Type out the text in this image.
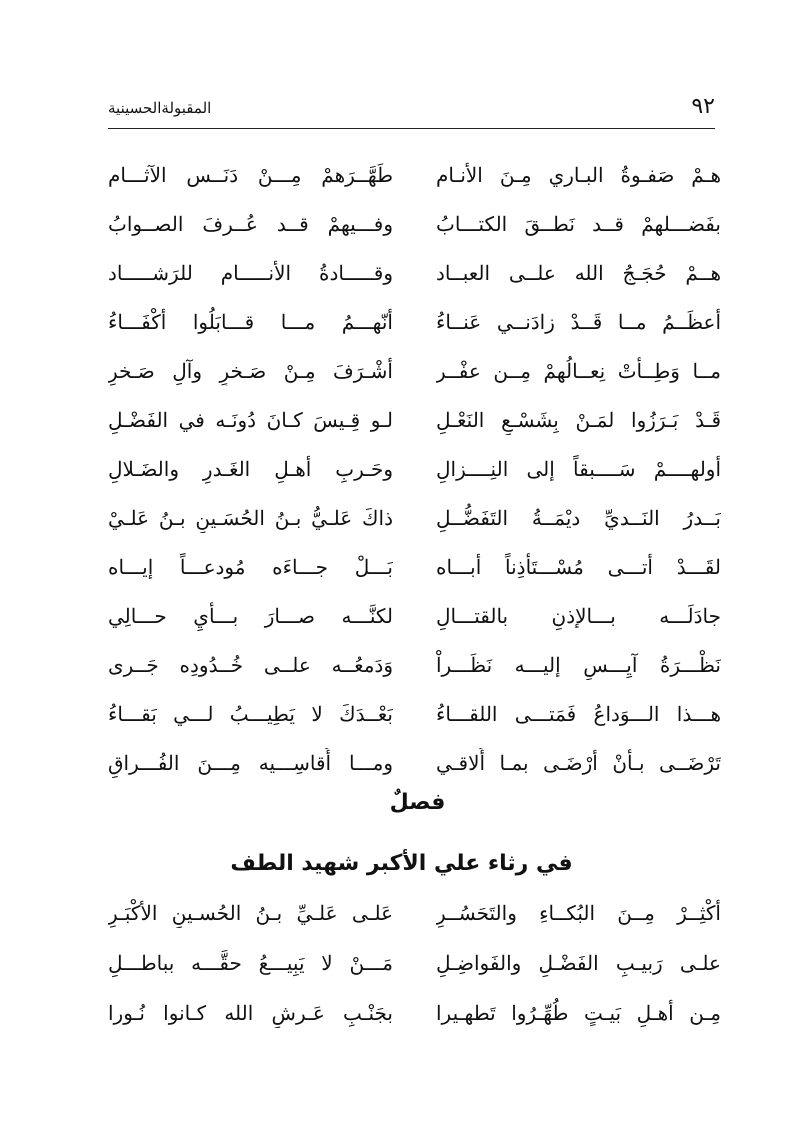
٩٢
المقبولةالحسينية
هـمْ صَفـوةُ البـاري مِـنَ الأنـام
طَهَّــرَهمْ مِـــنْ دَنَــس الآثـــام
بفَضـــلهمْ قــد نَطــقَ الكتـــابُ
وفـــيهمْ قــد عُــرفَ الصــوابُ
هــمْ حُجَـجُ الله علــى العبــاد
وقـــــادةُ الأنـــــام للرَشـــــاد
أعظَــمُ مــا قَــدْ زادَنــي عَنــاءُ
أنّهـــمُ مـــا قـــابَلُوا أكْفَـــاءُ
مــا وَطِــأتْ نِعــالُهمْ مِــن عفْــر
أشْـرَفَ مِـنْ صَـخرٍ وآلِ صَـخرِ
قَـدْ بَـرَزُوا لمَـنْ بِشَسْـعِ النَعْـلِ
لـو قِـيسَ كـانَ دُونَـه في الفَضْـلِ
أولهــــمْ سَــــبقاً إلى النِــــزالِ
وحَـربِ أهـلِ الغَـدرِ والضَـلالِ
بَــدرُ النَــديِّ ديْمَــةُ التَفَضُّــلِ
ذاكَ عَلـيُّ بـنُ الحُسَـينِ بـنُ عَلـيْ
لقَـــدْ أتـــى مُسْـــتَأذِناً أبـــاه
بَـــلْ جـــاءَه مُودعـــاً إيـــاه
جادَلَـــه بـــالإذنِ بالقتـــالِ
لكنَّـــه صـــارَ بـــأيِ حـــالِي
نَظْـــرَةُ آيِـــسٍ إليـــه نَظَـــراْ
وَدَمعُــه علــى خُــدُودِه جَــرى
هـــذا الـــوَداعُ فَمَتـــى اللقـــاءُ
بَعْــدَكَ لا يَطِيـــبُ لـــي بَقـــاءُ
تَرْضَــى بـأنْ أرْضَـى بمـا أُلاقـي
ومـــا أُقاسِـــيه مِـــنَ الفُـــراقِ
فصلٌ
في رثاء علي الأكبر شهيد الطف
أكْثِــرْ مِــنَ البُكــاءِ والتَحَسُــرِ
عَلـى عَلـيِّ بـنُ الحُسـينِ الأكْبَـرِ
علـى رَبيـبِ الفَضْـلِ والفَواضِـلِ
مَـــنْ لا يَبِيـــعُ حقَّـــه بباطـــلِ
مِـن أهـلِ بَيـتٍ طُهِّـرُوا تَطهـيرا
بجَنْـبِ عَـرشِ الله كـانوا نُـورا
